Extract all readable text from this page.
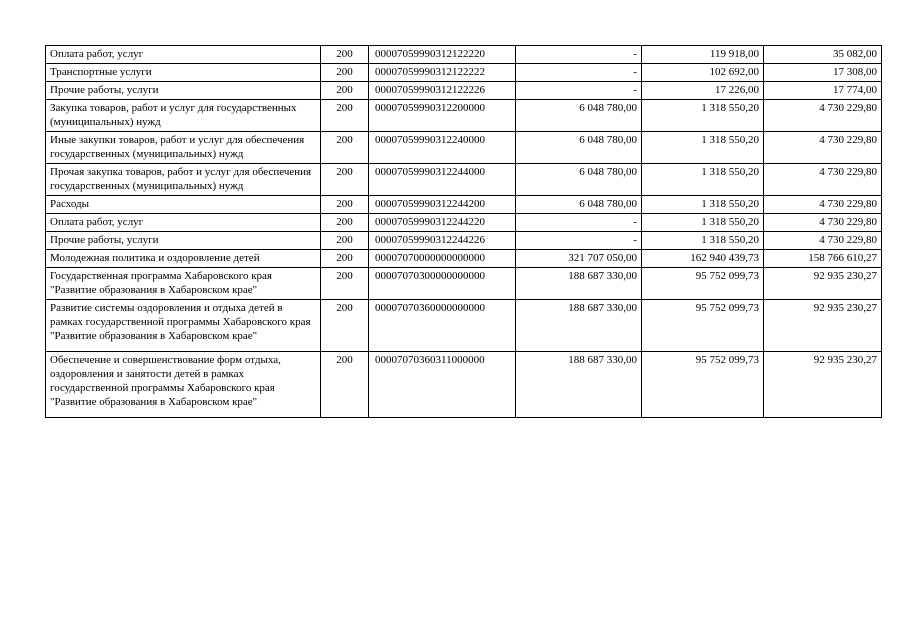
Оплата работ, услуг	200	00007059990312122220	-	119 918,00	35 082,00
Транспортные услуги	200	00007059990312122222	-	102 692,00	17 308,00
Прочие работы, услуги	200	00007059990312122226	-	17 226,00	17 774,00
Закупка товаров, работ и услуг для государственных (муниципальных) нужд	200	00007059990312200000	6 048 780,00	1 318 550,20	4 730 229,80
Иные закупки товаров, работ и услуг для обеспечения государственных (муниципальных) нужд	200	00007059990312240000	6 048 780,00	1 318 550,20	4 730 229,80
Прочая закупка товаров, работ и услуг для обеспечения государственных (муниципальных) нужд	200	00007059990312244000	6 048 780,00	1 318 550,20	4 730 229,80
Расходы	200	00007059990312244200	6 048 780,00	1 318 550,20	4 730 229,80
Оплата работ, услуг	200	00007059990312244220	-	1 318 550,20	4 730 229,80
Прочие работы, услуги	200	00007059990312244226	-	1 318 550,20	4 730 229,80
Молодежная политика и оздоровление детей	200	00007070000000000000	321 707 050,00	162 940 439,73	158 766 610,27
Государственная программа Хабаровского края "Развитие образования в Хабаровском крае"	200	00007070300000000000	188 687 330,00	95 752 099,73	92 935 230,27
Развитие системы оздоровления и отдыха детей в рамках государственной программы Хабаровского края "Развитие образования в Хабаровском крае"	200	00007070360000000000	188 687 330,00	95 752 099,73	92 935 230,27
Обеспечение и совершенствование форм отдыха, оздоровления и занятости детей в рамках государственной программы Хабаровского края "Развитие образования в Хабаровском крае"	200	00007070360311000000	188 687 330,00	95 752 099,73	92 935 230,27
